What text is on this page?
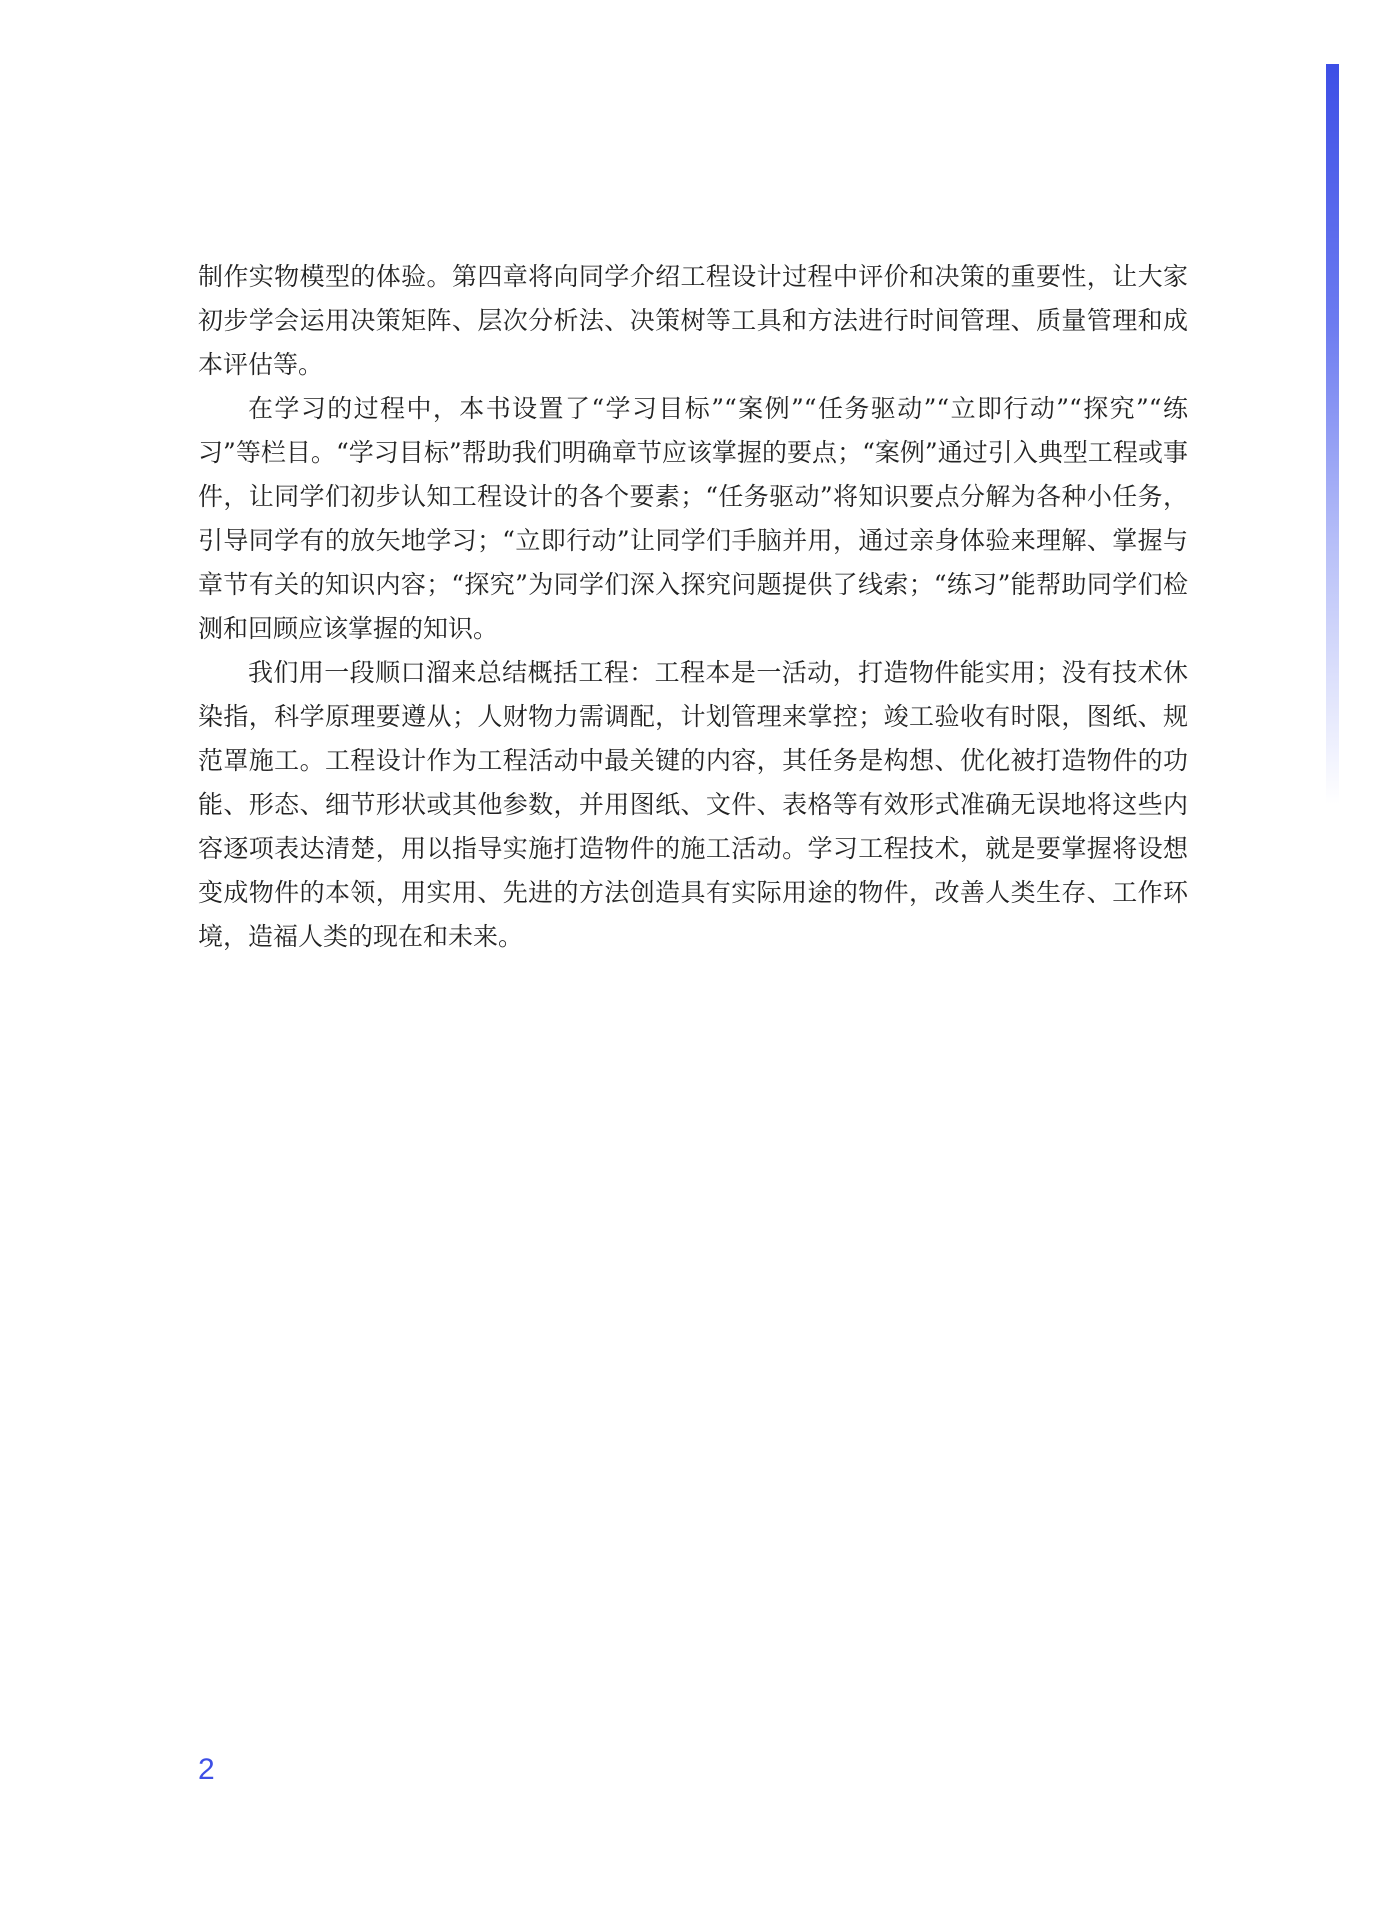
制作实物模型的体验。第四章将向同学介绍工程设计过程中评价和决策的重要性，让大家初步学会运用决策矩阵、层次分析法、决策树等工具和方法进行时间管理、质量管理和成本评估等。

在学习的过程中，本书设置了“学习目标”“案例”“任务驱动”“立即行动”“探究”“练习”等栏目。“学习目标”帮助我们明确章节应该掌握的要点；“案例”通过引入典型工程或事件，让同学们初步认知工程设计的各个要素；“任务驱动”将知识要点分解为各种小任务，引导同学有的放矢地学习；“立即行动”让同学们手脑并用，通过亲身体验来理解、掌握与章节有关的知识内容；“探究”为同学们深入探究问题提供了线索；“练习”能帮助同学们检测和回顾应该掌握的知识。

我们用一段顺口溜来总结概括工程：工程本是一活动，打造物件能实用；没有技术休染指，科学原理要遵从；人财物力需调配，计划管理来掌控；竣工验收有时限，图纸、规范罩施工。工程设计作为工程活动中最关键的内容，其任务是构想、优化被打造物件的功能、形态、细节形状或其他参数，并用图纸、文件、表格等有效形式准确无误地将这些内容逐项表达清楚，用以指导实施打造物件的施工活动。学习工程技术，就是要掌握将设想变成物件的本领，用实用、先进的方法创造具有实际用途的物件，改善人类生存、工作环境，造福人类的现在和未来。

2
